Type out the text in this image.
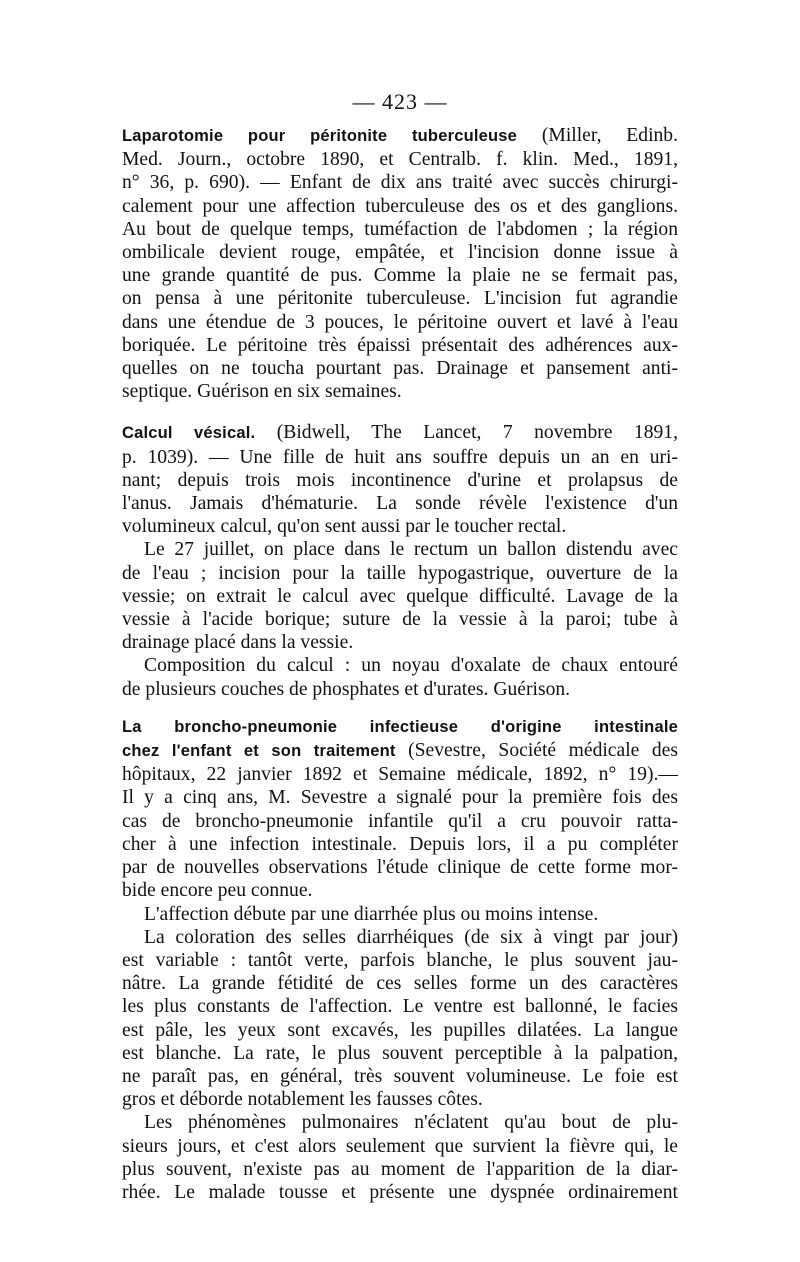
— 423 —
Laparotomie pour péritonite tuberculeuse (Miller, Edinb.
Med. Journ., octobre 1890, et Centralb. f. klin. Med., 1891,
n° 36, p. 690). — Enfant de dix ans traité avec succès chirurgi-
calement pour une affection tuberculeuse des os et des ganglions.
Au bout de quelque temps, tuméfaction de l'abdomen ; la région
ombilicale devient rouge, empâtée, et l'incision donne issue à
une grande quantité de pus. Comme la plaie ne se fermait pas,
on pensa à une péritonite tuberculeuse. L'incision fut agrandie
dans une étendue de 3 pouces, le péritoine ouvert et lavé à l'eau
boriquée. Le péritoine très épaissi présentait des adhérences aux-
quelles on ne toucha pourtant pas. Drainage et pansement anti-
septique. Guérison en six semaines.
Calcul vésical. (Bidwell, The Lancet, 7 novembre 1891,
p. 1039). — Une fille de huit ans souffre depuis un an en uri-
nant; depuis trois mois incontinence d'urine et prolapsus de
l'anus. Jamais d'hématurie. La sonde révèle l'existence d'un
volumineux calcul, qu'on sent aussi par le toucher rectal.
Le 27 juillet, on place dans le rectum un ballon distendu avec
de l'eau ; incision pour la taille hypogastrique, ouverture de la
vessie; on extrait le calcul avec quelque difficulté. Lavage de la
vessie à l'acide borique; suture de la vessie à la paroi; tube à
drainage placé dans la vessie.
Composition du calcul : un noyau d'oxalate de chaux entouré
de plusieurs couches de phosphates et d'urates. Guérison.
La broncho-pneumonie infectieuse d'origine intestinale
chez l'enfant et son traitement (Sevestre, Société médicale des
hôpitaux, 22 janvier 1892 et Semaine médicale, 1892, n° 19).—
Il y a cinq ans, M. Sevestre a signalé pour la première fois des
cas de broncho-pneumonie infantile qu'il a cru pouvoir ratta-
cher à une infection intestinale. Depuis lors, il a pu compléter
par de nouvelles observations l'étude clinique de cette forme mor-
bide encore peu connue.
L'affection débute par une diarrhée plus ou moins intense.
La coloration des selles diarrhéiques (de six à vingt par jour)
est variable : tantôt verte, parfois blanche, le plus souvent jau-
nâtre. La grande fétidité de ces selles forme un des caractères
les plus constants de l'affection. Le ventre est ballonné, le facies
est pâle, les yeux sont excavés, les pupilles dilatées. La langue
est blanche. La rate, le plus souvent perceptible à la palpation,
ne paraît pas, en général, très souvent volumineuse. Le foie est
gros et déborde notablement les fausses côtes.
Les phénomènes pulmonaires n'éclatent qu'au bout de plu-
sieurs jours, et c'est alors seulement que survient la fièvre qui, le
plus souvent, n'existe pas au moment de l'apparition de la diar-
rhée. Le malade tousse et présente une dyspnée ordinairement
